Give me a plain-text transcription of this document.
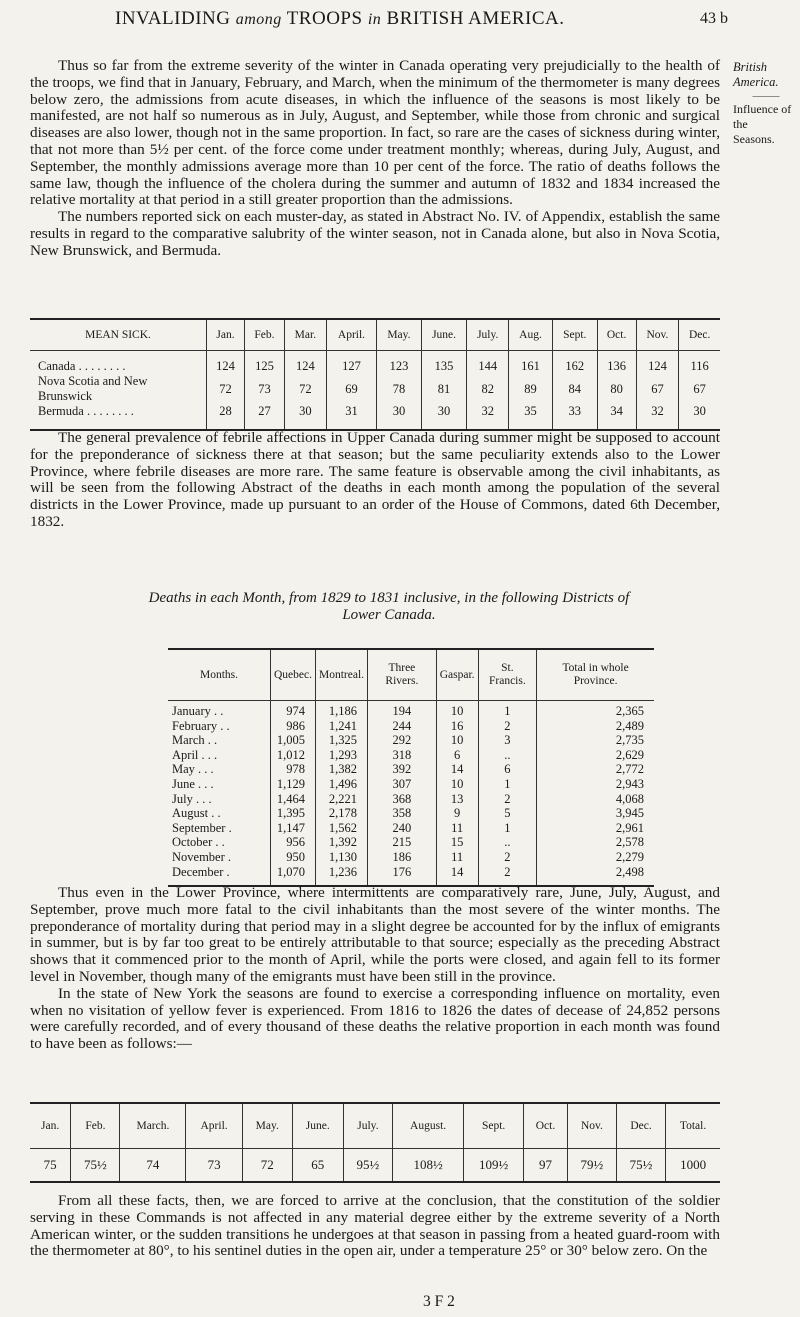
INVALIDING among TROOPS in BRITISH AMERICA.	43 b
British America.
———
Influence of the
Seasons.

Thus so far from the extreme severity of the winter in Canada operating very prejudicially to the health of the troops, we find that in January, February, and March, when the minimum of the thermometer is many degrees below zero, the admissions from acute diseases, in which the influence of the seasons is most likely to be manifested, are not half so numerous as in July, August, and September, while those from chronic and surgical diseases are also lower, though not in the same proportion. In fact, so rare are the cases of sickness during winter, that not more than 5½ per cent. of the force come under treatment monthly; whereas, during July, August, and September, the monthly admissions average more than 10 per cent of the force. The ratio of deaths follows the same law, though the influence of the cholera during the summer and autumn of 1832 and 1834 increased the relative mortality at that period in a still greater proportion than the admissions.

The numbers reported sick on each muster-day, as stated in Abstract No. IV. of Appendix, establish the same results in regard to the comparative salubrity of the winter season, not in Canada alone, but also in Nova Scotia, New Brunswick, and Bermuda.

MEAN SICK.	Jan.	Feb.	Mar.	April.	May.	June.	July.	Aug.	Sept.	Oct.	Nov.	Dec.
Canada . . . . . . . .	124	125	124	127	123	135	144	161	162	136	124	116
Nova Scotia and New Brunswick	72	73	72	69	78	81	82	89	84	80	67	67
Bermuda . . . . . . . .	28	27	30	31	30	30	32	35	33	34	32	30

The general prevalence of febrile affections in Upper Canada during summer might be supposed to account for the preponderance of sickness there at that season; but the same peculiarity extends also to the Lower Province, where febrile diseases are more rare. The same feature is observable among the civil inhabitants, as will be seen from the following Abstract of the deaths in each month among the population of the several districts in the Lower Province, made up pursuant to an order of the House of Commons, dated 6th December, 1832.

Deaths in each Month, from 1829 to 1831 inclusive, in the following Districts of

Lower Canada.

Months.	Quebec.	Montreal.	Three Rivers.	Gaspar.	St. Francis.	Total in whole Province.
January . .	974	1,186	194	10	1	2,365
February . .	986	1,241	244	16	2	2,489
March . .	1,005	1,325	292	10	3	2,735
April . . .	1,012	1,293	318	6	..	2,629
May . . .	978	1,382	392	14	6	2,772
June . . .	1,129	1,496	307	10	1	2,943
July . . .	1,464	2,221	368	13	2	4,068
August . .	1,395	2,178	358	9	5	3,945
September .	1,147	1,562	240	11	1	2,961
October . .	956	1,392	215	15	..	2,578
November .	950	1,130	186	11	2	2,279
December .	1,070	1,236	176	14	2	2,498

Thus even in the Lower Province, where intermittents are comparatively rare, June, July, August, and September, prove much more fatal to the civil inhabitants than the most severe of the winter months. The preponderance of mortality during that period may in a slight degree be accounted for by the influx of emigrants in summer, but is by far too great to be entirely attributable to that source; especially as the preceding Abstract shows that it commenced prior to the month of April, while the ports were closed, and again fell to its former level in November, though many of the emigrants must have been still in the province.

In the state of New York the seasons are found to exercise a corresponding influence on mortality, even when no visitation of yellow fever is experienced. From 1816 to 1826 the dates of decease of 24,852 persons were carefully recorded, and of every thousand of these deaths the relative proportion in each month was found to have been as follows:—

Jan.	Feb.	March.	April.	May.	June.	July.	August.	Sept.	Oct.	Nov.	Dec.	Total.
75	75½	74	73	72	65	95½	108½	109½	97	79½	75½	1000

From all these facts, then, we are forced to arrive at the conclusion, that the constitution of the soldier serving in these Commands is not affected in any material degree either by the extreme severity of a North American winter, or the sudden transitions he undergoes at that season in passing from a heated guard-room with the thermometer at 80°, to his sentinel duties in the open air, under a temperature 25° or 30° below zero. On the

3 F 2
